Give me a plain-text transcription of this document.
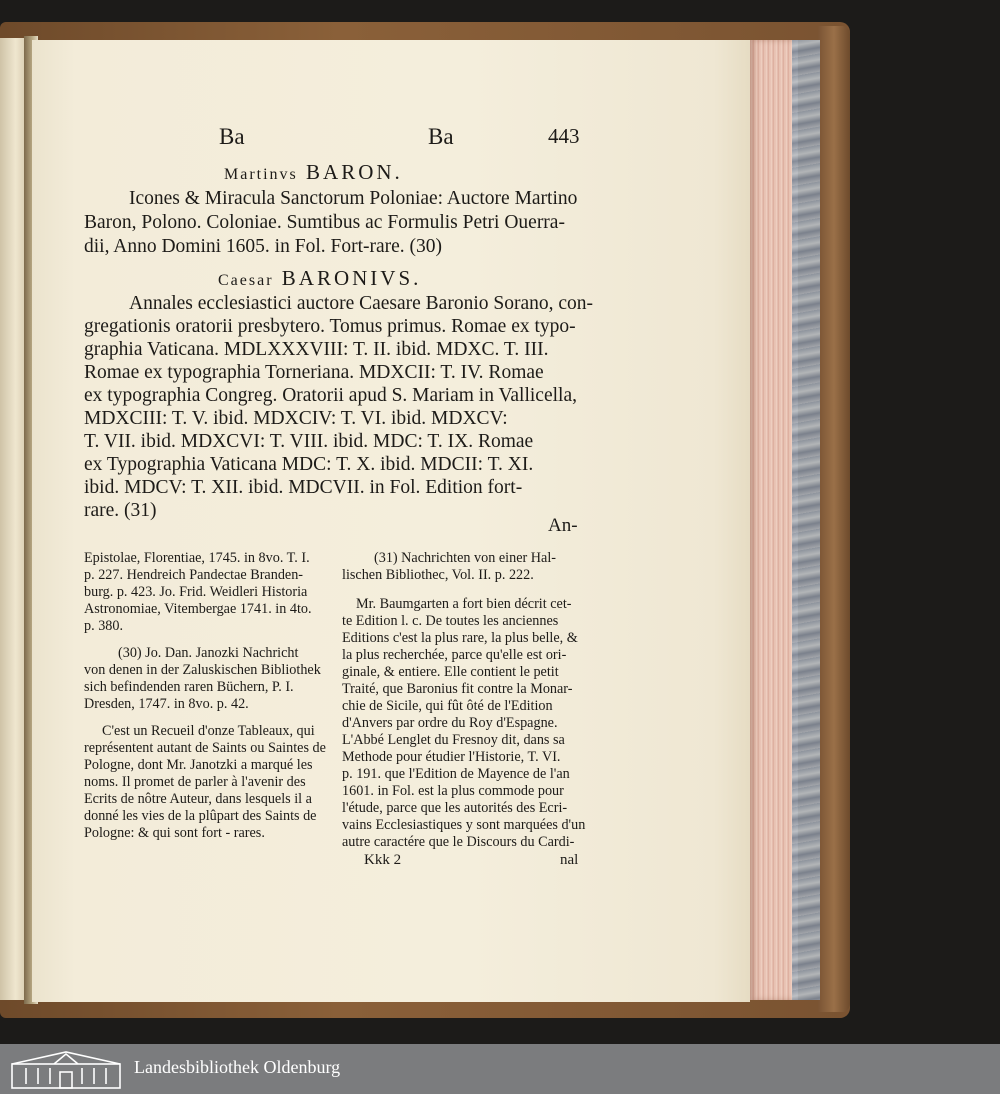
Ba	Ba	443
Martinvs BARON.
Icones & Miracula Sanctorum Poloniae: Auctore Martino
Baron, Polono. Coloniae. Sumtibus ac Formulis Petri Ouerra-
dii, Anno Domini 1605. in Fol. Fort-rare. (30)
Caesar BARONIVS.
Annales ecclesiastici auctore Caesare Baronio Sorano, con-
gregationis oratorii presbytero. Tomus primus. Romae ex typo-
graphia Vaticana. MDLXXXVIII: T. II. ibid. MDXC. T. III.
Romae ex typographia Torneriana. MDXCII: T. IV. Romae
ex typographia Congreg. Oratorii apud S. Mariam in Vallicella,
MDXCIII: T. V. ibid. MDXCIV: T. VI. ibid. MDXCV:
T. VII. ibid. MDXCVI: T. VIII. ibid. MDC: T. IX. Romae
ex Typographia Vaticana MDC: T. X. ibid. MDCII: T. XI.
ibid. MDCV: T. XII. ibid. MDCVII. in Fol. Edition fort-
rare. (31)
An-
Epistolae, Florentiae, 1745. in 8vo. T. I.
p. 227. Hendreich Pandectae Branden-
burg. p. 423. Jo. Frid. Weidleri Historia
Astronomiae, Vitembergae 1741. in 4to.
p. 380.
(30) Jo. Dan. Janozki Nachricht
von denen in der Zaluskischen Bibliothek
sich befindenden raren Büchern, P. I.
Dresden, 1747. in 8vo. p. 42.
C'est un Recueil d'onze Tableaux, qui
représentent autant de Saints ou Saintes de
Pologne, dont Mr. Janotzki a marqué les
noms. Il promet de parler à l'avenir des
Ecrits de nôtre Auteur, dans lesquels il a
donné les vies de la plûpart des Saints de
Pologne: & qui sont fort - rares.
(31) Nachrichten von einer Hal-
lischen Bibliothec, Vol. II. p. 222.
Mr. Baumgarten a fort bien décrit cet-
te Edition l. c. De toutes les anciennes
Editions c'est la plus rare, la plus belle, &
la plus recherchée, parce qu'elle est ori-
ginale, & entiere. Elle contient le petit
Traité, que Baronius fit contre la Monar-
chie de Sicile, qui fût ôté de l'Edition
d'Anvers par ordre du Roy d'Espagne.
L'Abbé Lenglet du Fresnoy dit, dans sa
Methode pour étudier l'Historie, T. VI.
p. 191. que l'Edition de Mayence de l'an
1601. in Fol. est la plus commode pour
l'étude, parce que les autorités des Ecri-
vains Ecclesiastiques y sont marquées d'un
autre caractére que le Discours du Cardi-
Kkk 2	nal
Landesbibliothek Oldenburg
